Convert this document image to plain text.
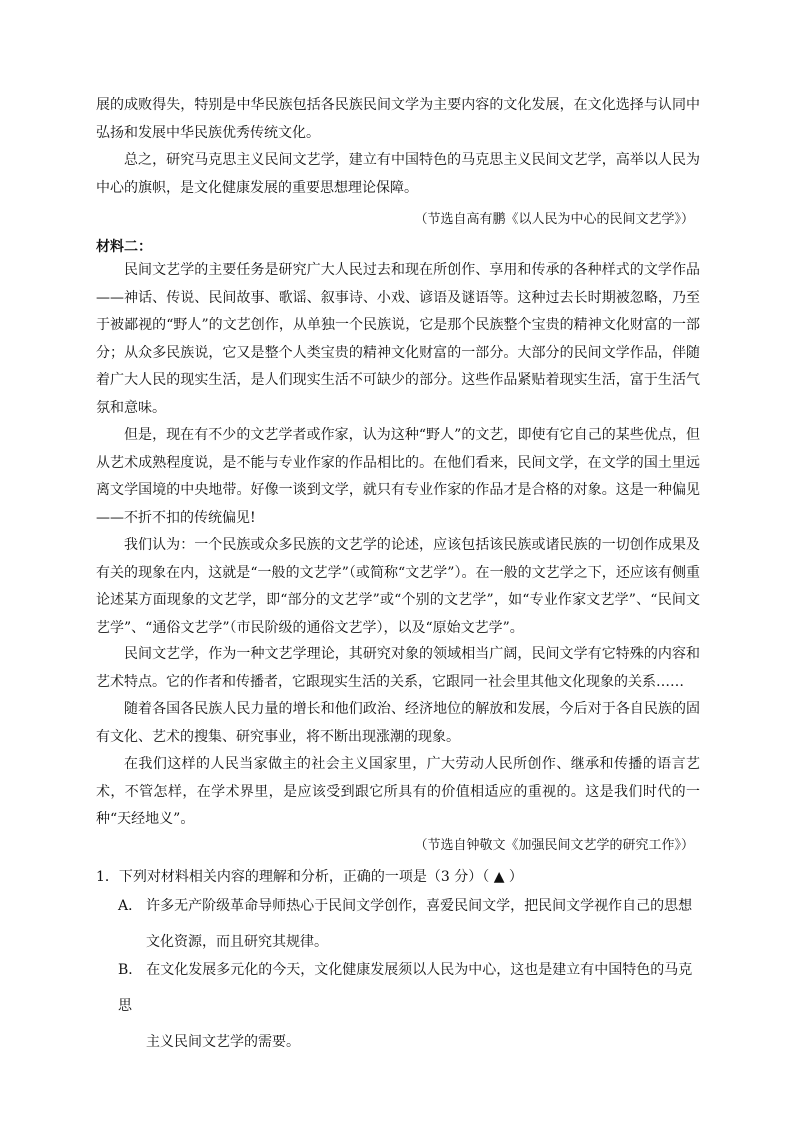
展的成败得失，特别是中华民族包括各民族民间文学为主要内容的文化发展，在文化选择与认同中弘扬和发展中华民族优秀传统文化。

总之，研究马克思主义民间文艺学，建立有中国特色的马克思主义民间文艺学，高举以人民为中心的旗帜，是文化健康发展的重要思想理论保障。

（节选自高有鹏《以人民为中心的民间文艺学》）
材料二：

民间文艺学的主要任务是研究广大人民过去和现在所创作、享用和传承的各种样式的文学作品——神话、传说、民间故事、歌谣、叙事诗、小戏、谚语及谜语等。这种过去长时期被忽略，乃至于被鄙视的“野人”的文艺创作，从单独一个民族说，它是那个民族整个宝贵的精神文化财富的一部分；从众多民族说，它又是整个人类宝贵的精神文化财富的一部分。大部分的民间文学作品，伴随着广大人民的现实生活，是人们现实生活不可缺少的部分。这些作品紧贴着现实生活，富于生活气氛和意味。

但是，现在有不少的文艺学者或作家，认为这种“野人”的文艺，即使有它自己的某些优点，但从艺术成熟程度说，是不能与专业作家的作品相比的。在他们看来，民间文学，在文学的国土里远离文学国境的中央地带。好像一谈到文学，就只有专业作家的作品才是合格的对象。这是一种偏见——不折不扣的传统偏见!

我们认为：一个民族或众多民族的文艺学的论述，应该包括该民族或诸民族的一切创作成果及有关的现象在内，这就是“一般的文艺学”（或简称“文艺学”）。在一般的文艺学之下，还应该有侧重论述某方面现象的文艺学，即“部分的文艺学”或“个别的文艺学”，如“专业作家文艺学”、“民间文艺学”、“通俗文艺学”（市民阶级的通俗文艺学），以及“原始文艺学”。

民间文艺学，作为一种文艺学理论，其研究对象的领域相当广阔，民间文学有它特殊的内容和艺术特点。它的作者和传播者，它跟现实生活的关系，它跟同一社会里其他文化现象的关系……

随着各国各民族人民力量的增长和他们政治、经济地位的解放和发展，今后对于各自民族的固有文化、艺术的搜集、研究事业，将不断出现涨潮的现象。

在我们这样的人民当家做主的社会主义国家里，广大劳动人民所创作、继承和传播的语言艺术，不管怎样，在学术界里，是应该受到跟它所具有的价值相适应的重视的。这是我们时代的一种“天经地义”。

（节选自钟敬文《加强民间文艺学的研究工作》）
1．下列对材料相关内容的理解和分析，正确的一项是（3 分）（ ▲ ）
A． 许多无产阶级革命导师热心于民间文学创作，喜爱民间文学，把民间文学视作自己的思想
文化资源，而且研究其规律。
B． 在文化发展多元化的今天，文化健康发展须以人民为中心，这也是建立有中国特色的马克思
主义民间文艺学的需要。
